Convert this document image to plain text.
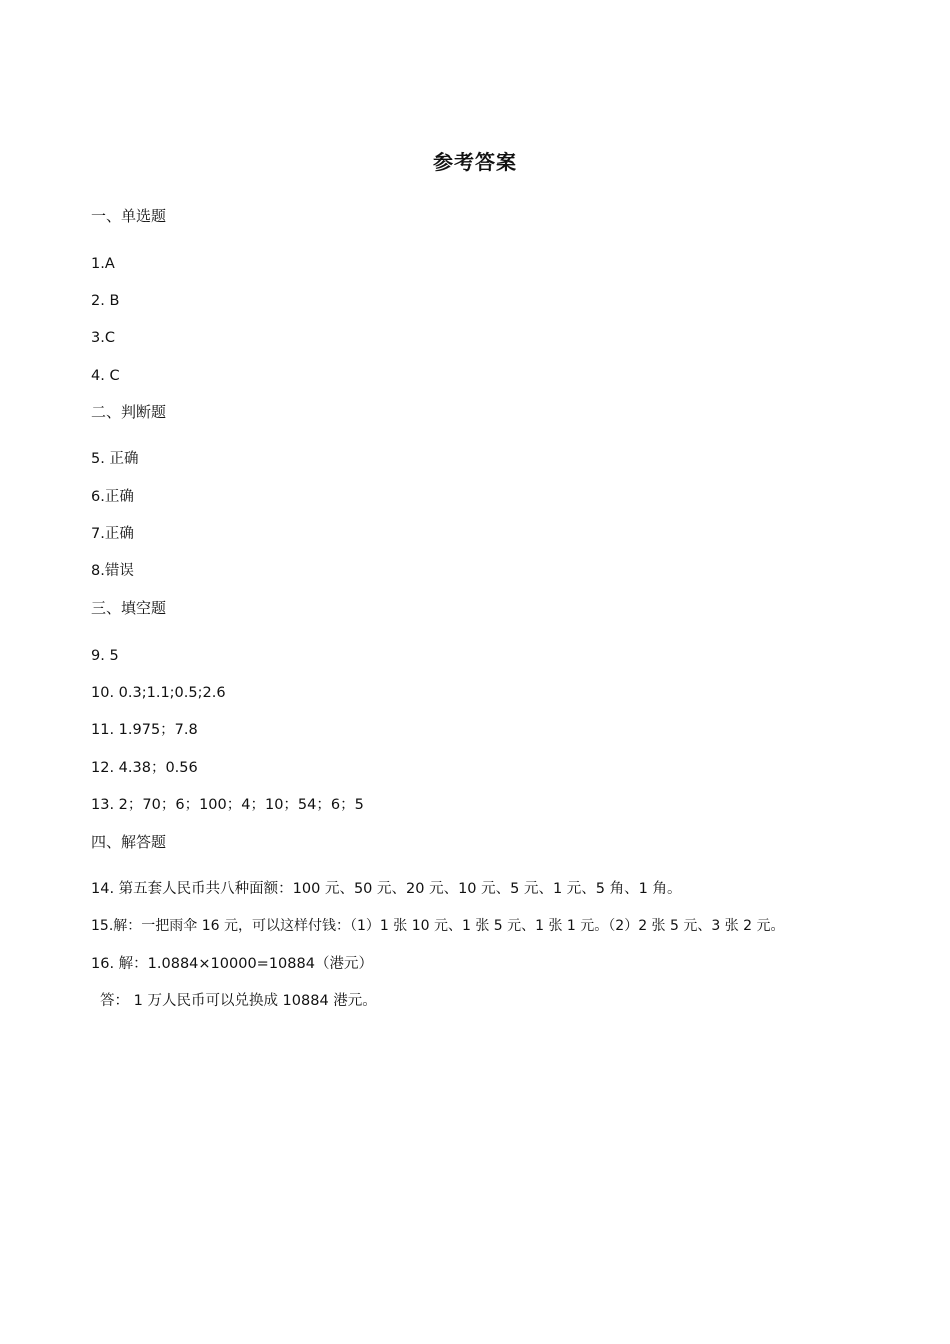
参考答案
一、单选题
1.A
2. B
3.C
4. C
二、判断题
5. 正确
6.正确
7.正确
8.错误
三、填空题
9. 5
10. 0.3;1.1;0.5;2.6
11. 1.975；7.8
12. 4.38；0.56
13. 2；70；6；100；4；10；54；6；5
四、解答题
14. 第五套人民币共八种面额：100 元、50 元、20 元、10 元、5 元、1 元、5 角、1 角。
15.解：一把雨伞 16 元，可以这样付钱：（1）1 张 10 元、1 张 5 元、1 张 1 元。（2）2 张 5 元、3 张 2 元。
16. 解：1.0884×10000=10884（港元）
答： 1 万人民币可以兑换成 10884 港元。
